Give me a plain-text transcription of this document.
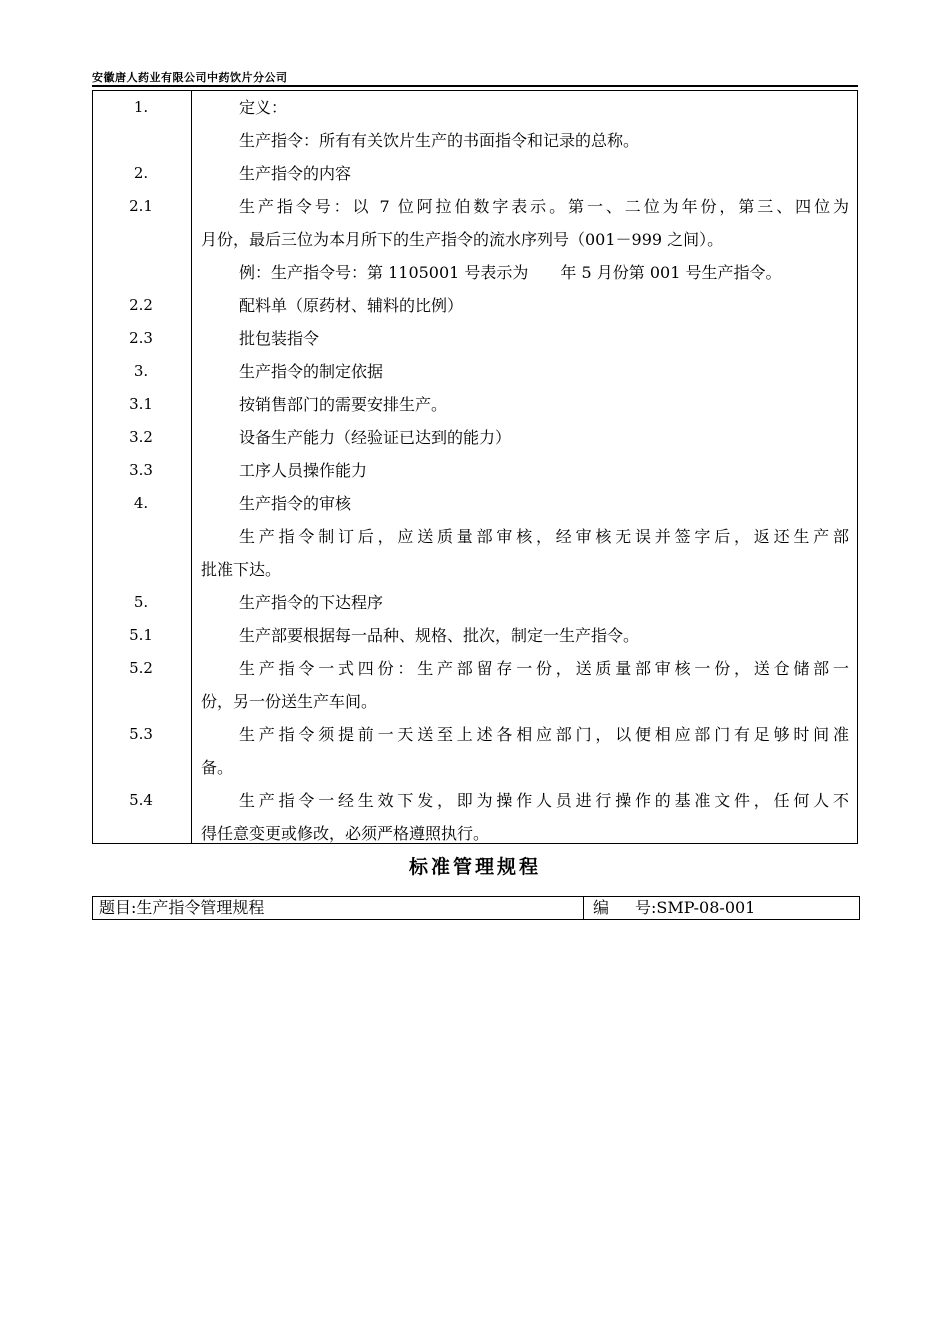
安徽唐人药业有限公司中药饮片分公司
1.	定义：
生产指令：所有有关饮片生产的书面指令和记录的总称。
2.	生产指令的内容
2.1	生产指令号：以 7 位阿拉伯数字表示。第一、二位为年份，第三、四位为
月份，最后三位为本月所下的生产指令的流水序列号（001－999 之间）。
例：生产指令号：第 1105001 号表示为　　年 5 月份第 001 号生产指令。
2.2	配料单（原药材、辅料的比例）
2.3	批包装指令
3.	生产指令的制定依据
3.1	按销售部门的需要安排生产。
3.2	设备生产能力（经验证已达到的能力）
3.3	工序人员操作能力
4.	生产指令的审核
生产指令制订后，应送质量部审核，经审核无误并签字后，返还生产部
批准下达。
5.	生产指令的下达程序
5.1	生产部要根据每一品种、规格、批次，制定一生产指令。
5.2	生产指令一式四份：生产部留存一份，送质量部审核一份，送仓储部一
份，另一份送生产车间。
5.3	生产指令须提前一天送至上述各相应部门，以便相应部门有足够时间准
备。
5.4	生产指令一经生效下发，即为操作人员进行操作的基准文件，任何人不
得任意变更或修改，必须严格遵照执行。
标准管理规程
题目:生产指令管理规程	编 号:SMP-08-001
